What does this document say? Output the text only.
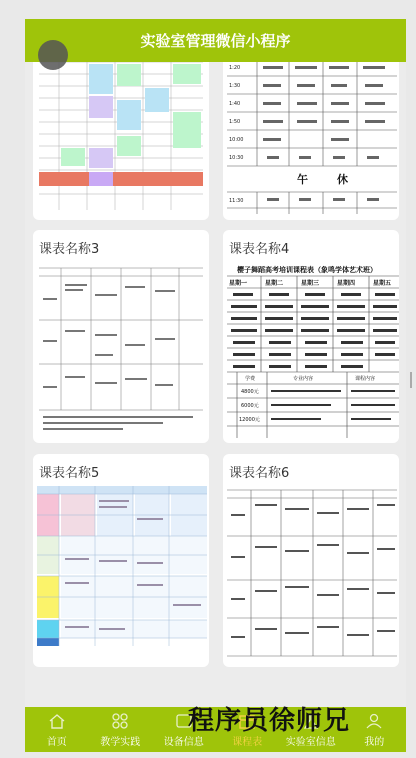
实验室管理微信小程序
1:20
1:30
1:40
1:50
10:00
10:30
11:30
午	休
课表名称3	课表名称4
樱子舞蹈高考培训课程表（象鸣学体艺术班）
星期一	星期二	星期三	星期四	星期五
学费	专业内容	课程内容
4800元
6000元
12000元
课表名称5	课表名称6
首页	教学实践 设备信息	课程表 实验室信息	我的
程序员徐师兄
